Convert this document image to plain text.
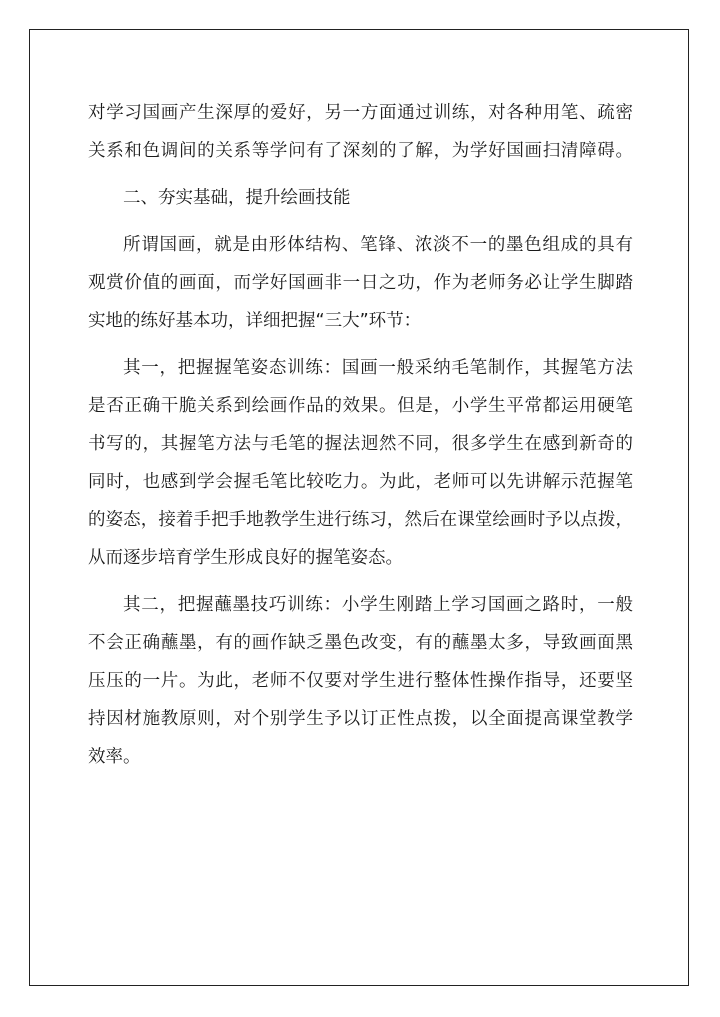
对学习国画产生深厚的爱好，另一方面通过训练，对各种用笔、疏密

关系和色调间的关系等学问有了深刻的了解，为学好国画扫清障碍。

二、夯实基础，提升绘画技能

所谓国画，就是由形体结构、笔锋、浓淡不一的墨色组成的具有

观赏价值的画面，而学好国画非一日之功，作为老师务必让学生脚踏

实地的练好基本功，详细把握“三大”环节：

其一，把握握笔姿态训练：国画一般采纳毛笔制作，其握笔方法

是否正确干脆关系到绘画作品的效果。但是，小学生平常都运用硬笔

书写的，其握笔方法与毛笔的握法迥然不同，很多学生在感到新奇的

同时，也感到学会握毛笔比较吃力。为此，老师可以先讲解示范握笔

的姿态，接着手把手地教学生进行练习，然后在课堂绘画时予以点拨，

从而逐步培育学生形成良好的握笔姿态。

其二，把握蘸墨技巧训练：小学生刚踏上学习国画之路时，一般

不会正确蘸墨，有的画作缺乏墨色改变，有的蘸墨太多，导致画面黑

压压的一片。为此，老师不仅要对学生进行整体性操作指导，还要坚

持因材施教原则，对个别学生予以订正性点拨，以全面提高课堂教学

效率。
